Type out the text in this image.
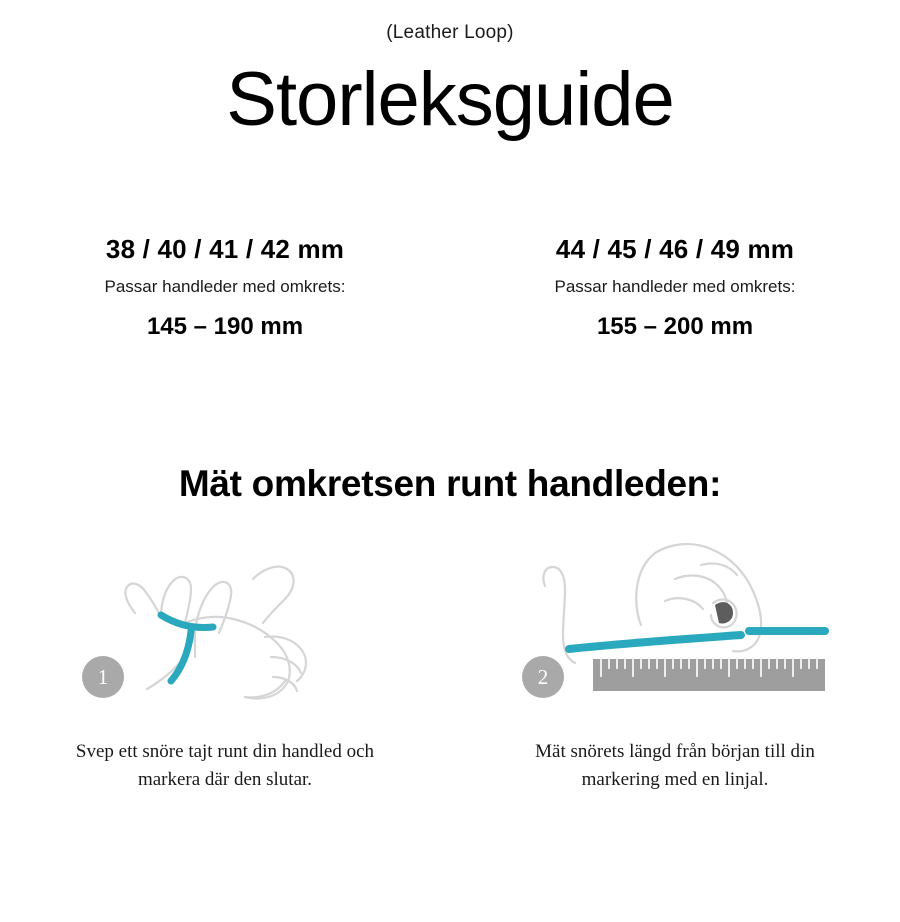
(Leather Loop)
Storleksguide
38 / 40 / 41 / 42 mm
Passar handleder med omkrets:
145 – 190 mm
44 / 45 / 46 / 49 mm
Passar handleder med omkrets:
155 – 200 mm
Mät omkretsen runt handleden:
1
Svep ett snöre tajt runt din handled och markera där den slutar.
2
Mät snörets längd från början till din markering med en linjal.
